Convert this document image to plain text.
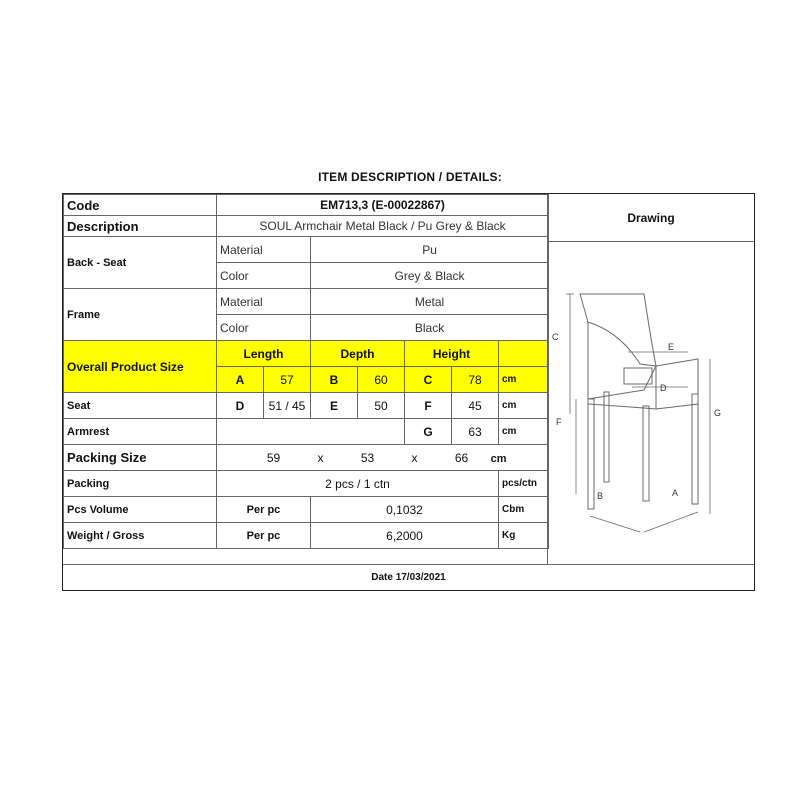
ITEM DESCRIPTION / DETAILS:
Code	EM713,3 (E-00022867)						
Description	SOUL Armchair Metal Black / Pu Grey & Black						
Back - Seat	Material		Pu				
	Color		Grey & Black				
Frame	Material		Metal				
	Color		Black				
Overall Product Size	Length		Depth		Height		
	A	57	B	60	C	78	cm
Seat	D	51 / 45	E	50	F	45	cm
Armrest					G	63	cm
Packing Size	59 x 53 x 66 cm						
Packing	2 pcs / 1 ctn						pcs/ctn
Pcs Volume	Per pc		0,1032				Cbm
Weight / Gross	Per pc		6,2000				Kg
Drawing
C
F
G
E
D
B	A
Date 17/03/2021
